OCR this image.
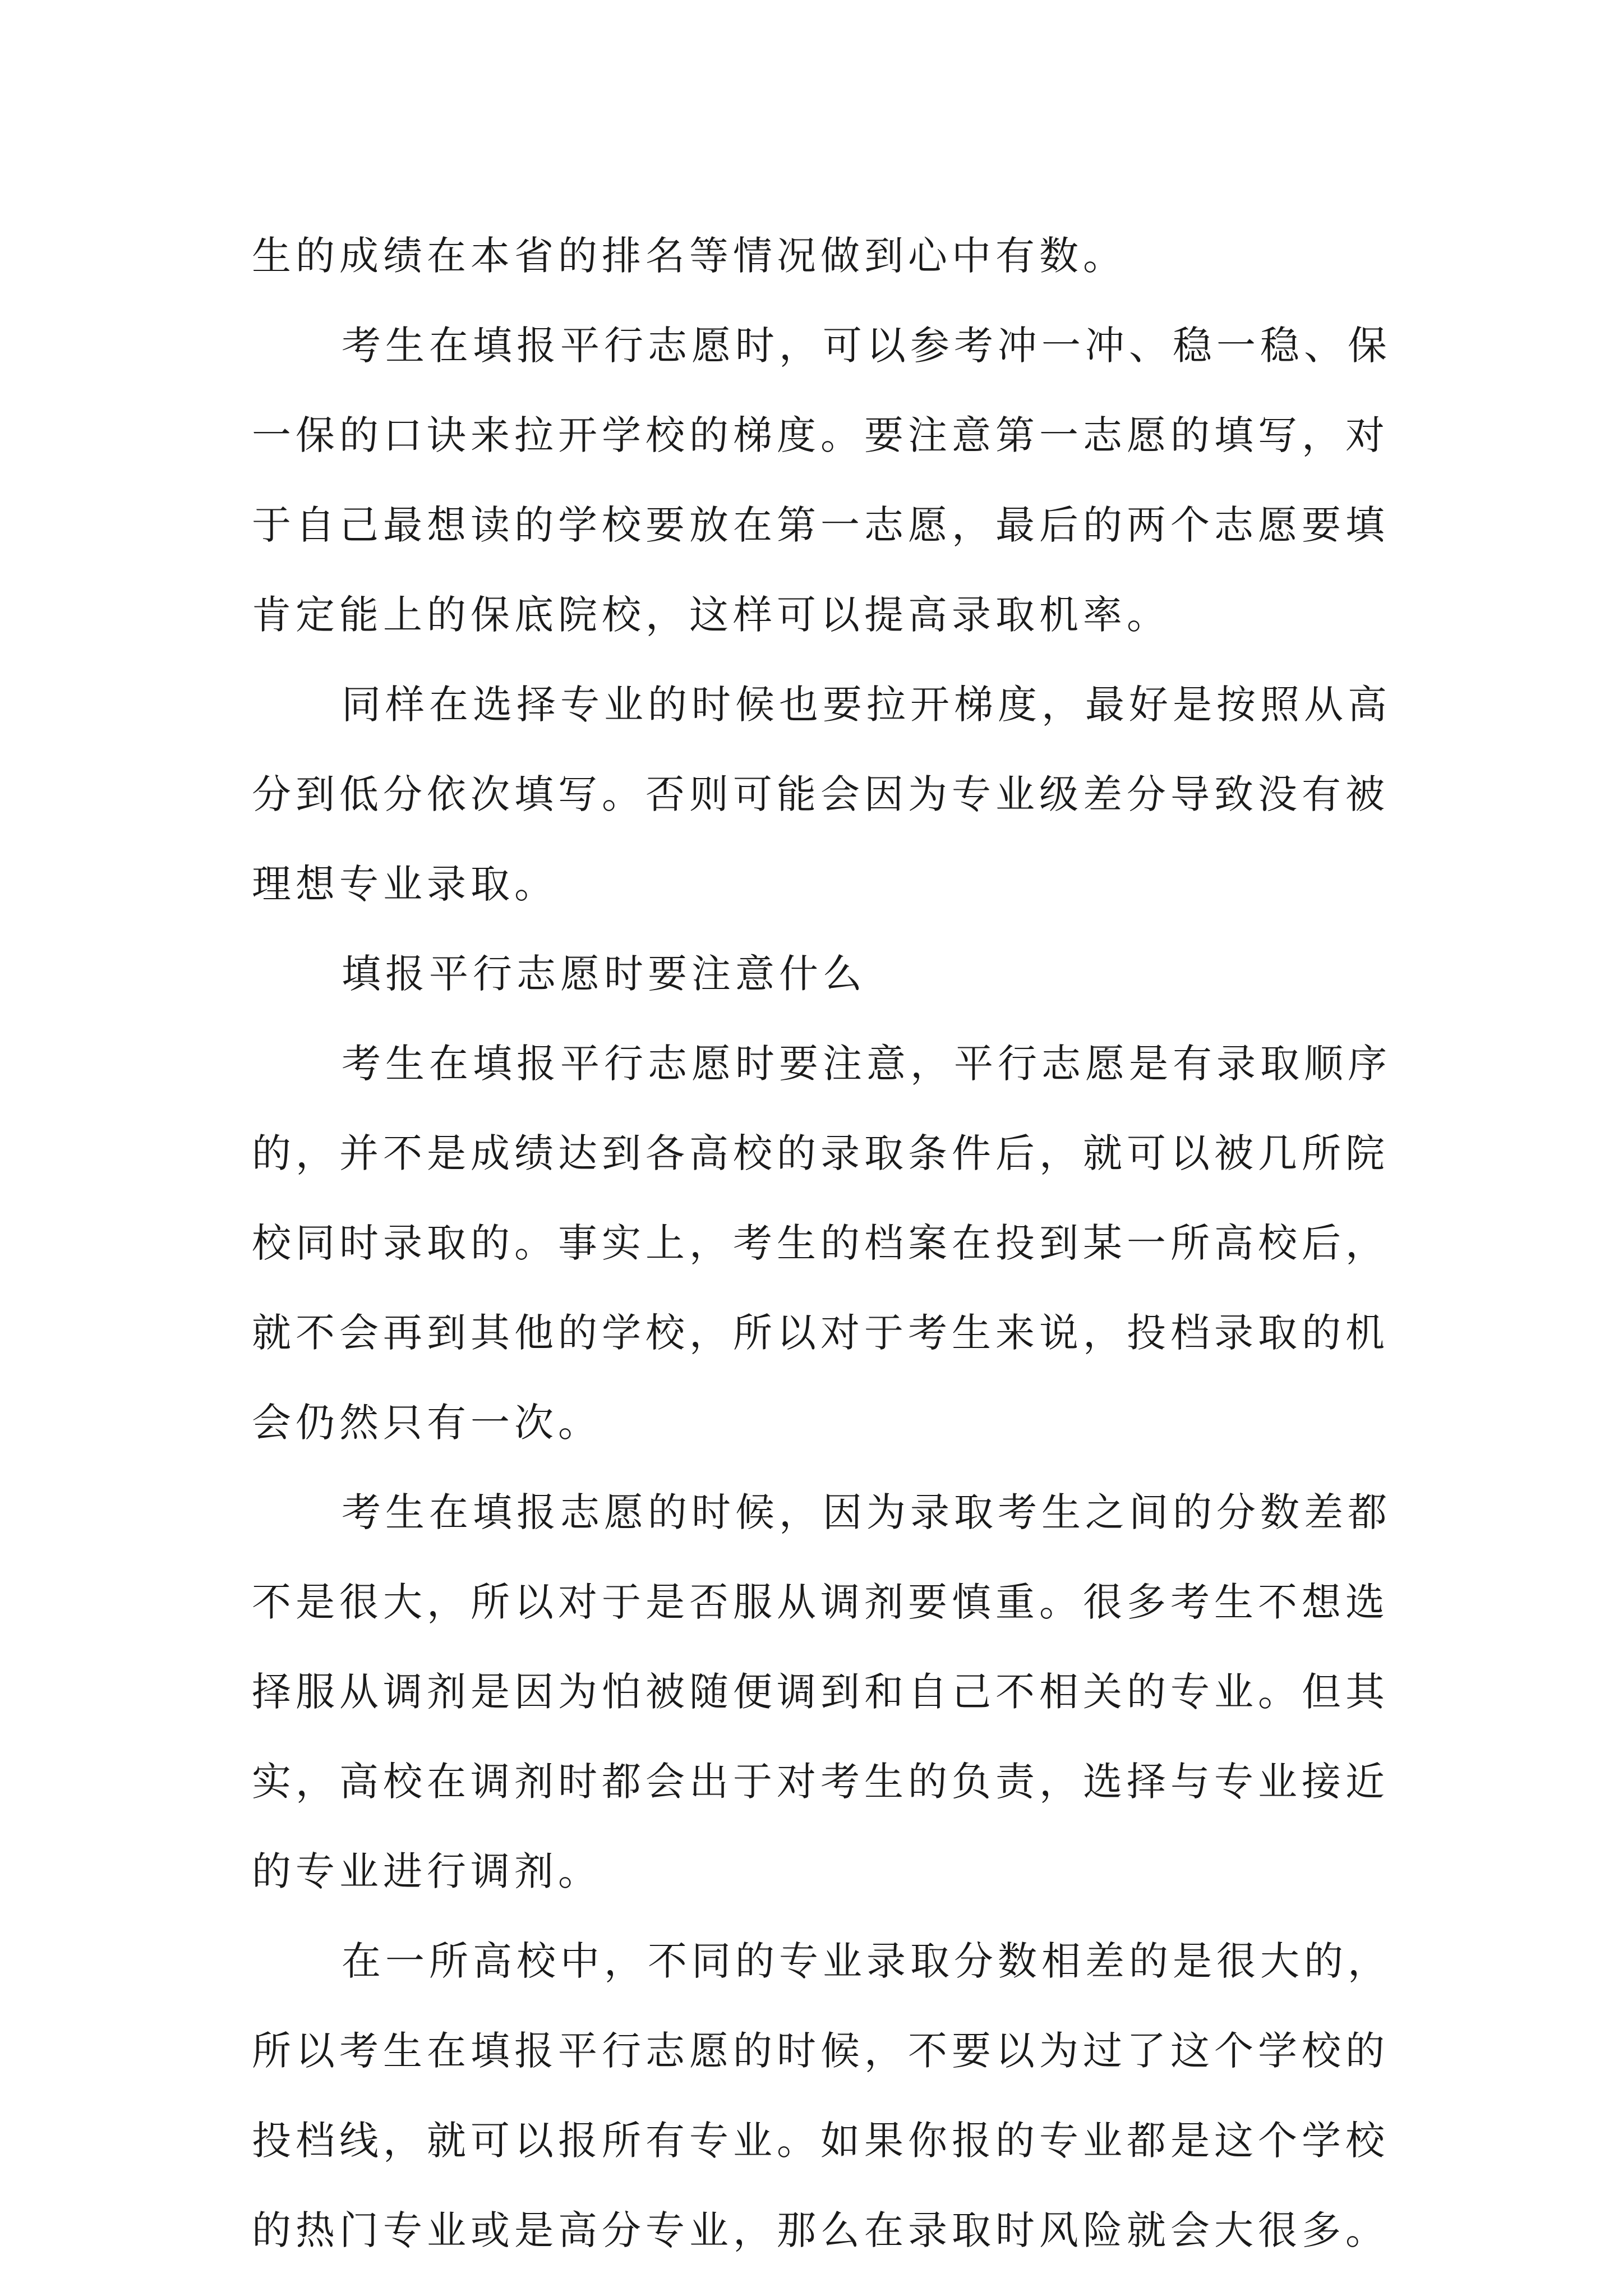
生的成绩在本省的排名等情况做到心中有数。
考生在填报平行志愿时，可以参考冲一冲、稳一稳、保
一保的口诀来拉开学校的梯度。要注意第一志愿的填写，对
于自己最想读的学校要放在第一志愿，最后的两个志愿要填
肯定能上的保底院校，这样可以提高录取机率。
同样在选择专业的时候也要拉开梯度，最好是按照从高
分到低分依次填写。否则可能会因为专业级差分导致没有被
理想专业录取。
填报平行志愿时要注意什么
考生在填报平行志愿时要注意，平行志愿是有录取顺序
的，并不是成绩达到各高校的录取条件后，就可以被几所院
校同时录取的。事实上，考生的档案在投到某一所高校后，
就不会再到其他的学校，所以对于考生来说，投档录取的机
会仍然只有一次。
考生在填报志愿的时候，因为录取考生之间的分数差都
不是很大，所以对于是否服从调剂要慎重。很多考生不想选
择服从调剂是因为怕被随便调到和自己不相关的专业。但其
实，高校在调剂时都会出于对考生的负责，选择与专业接近
的专业进行调剂。
在一所高校中，不同的专业录取分数相差的是很大的，
所以考生在填报平行志愿的时候，不要以为过了这个学校的
投档线，就可以报所有专业。如果你报的专业都是这个学校
的热门专业或是高分专业，那么在录取时风险就会大很多。
